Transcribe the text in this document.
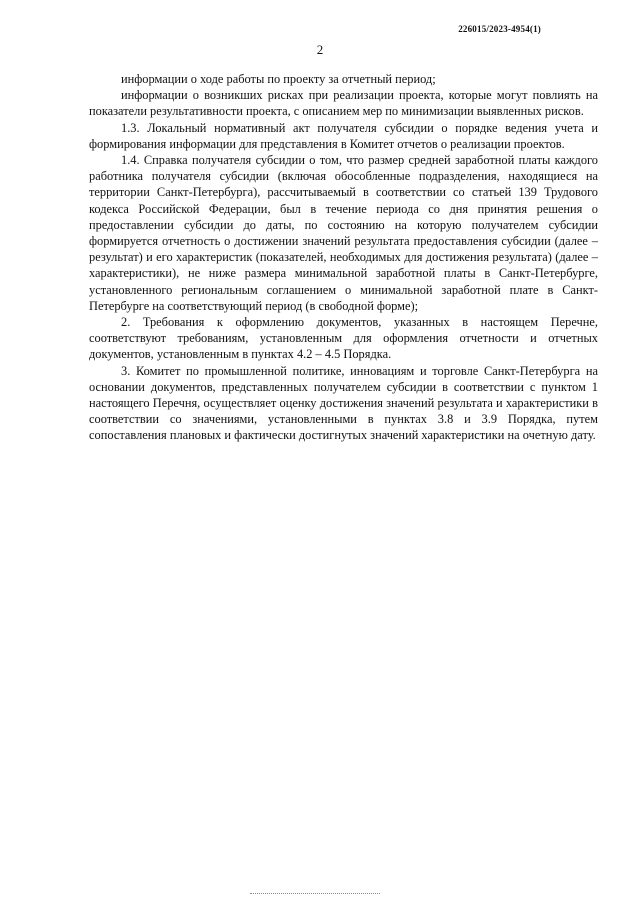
226015/2023-4954(1)
2

информации о ходе работы по проекту за отчетный период;

информации о возникших рисках при реализации проекта, которые могут повлиять на показатели результативности проекта, с описанием мер по минимизации выявленных рисков.

1.3. Локальный нормативный акт получателя субсидии о порядке ведения учета и формирования информации для представления в Комитет отчетов о реализации проектов.

1.4. Справка получателя субсидии о том, что размер средней заработной платы каждого работника получателя субсидии (включая обособленные подразделения, находящиеся на территории Санкт-Петербурга), рассчитываемый в соответствии со статьей 139 Трудового кодекса Российской Федерации, был в течение периода со дня принятия решения о предоставлении субсидии до даты, по состоянию на которую получателем субсидии формируется отчетность о достижении значений результата предоставления субсидии (далее – результат) и его характеристик (показателей, необходимых для достижения результата) (далее – характеристики), не ниже размера минимальной заработной платы в Санкт-Петербурге, установленного региональным соглашением о минимальной заработной плате в Санкт-Петербурге на соответствующий период (в свободной форме);

2. Требования к оформлению документов, указанных в настоящем Перечне, соответствуют требованиям, установленным для оформления отчетности и отчетных документов, установленным в пунктах 4.2 – 4.5 Порядка.

3. Комитет по промышленной политике, инновациям и торговле Санкт-Петербурга на основании документов, представленных получателем субсидии в соответствии с пунктом 1 настоящего Перечня, осуществляет оценку достижения значений результата и характеристики в соответствии со значениями, установленными в пунктах 3.8 и 3.9 Порядка, путем сопоставления плановых и фактически достигнутых значений характеристики на очетную дату.
